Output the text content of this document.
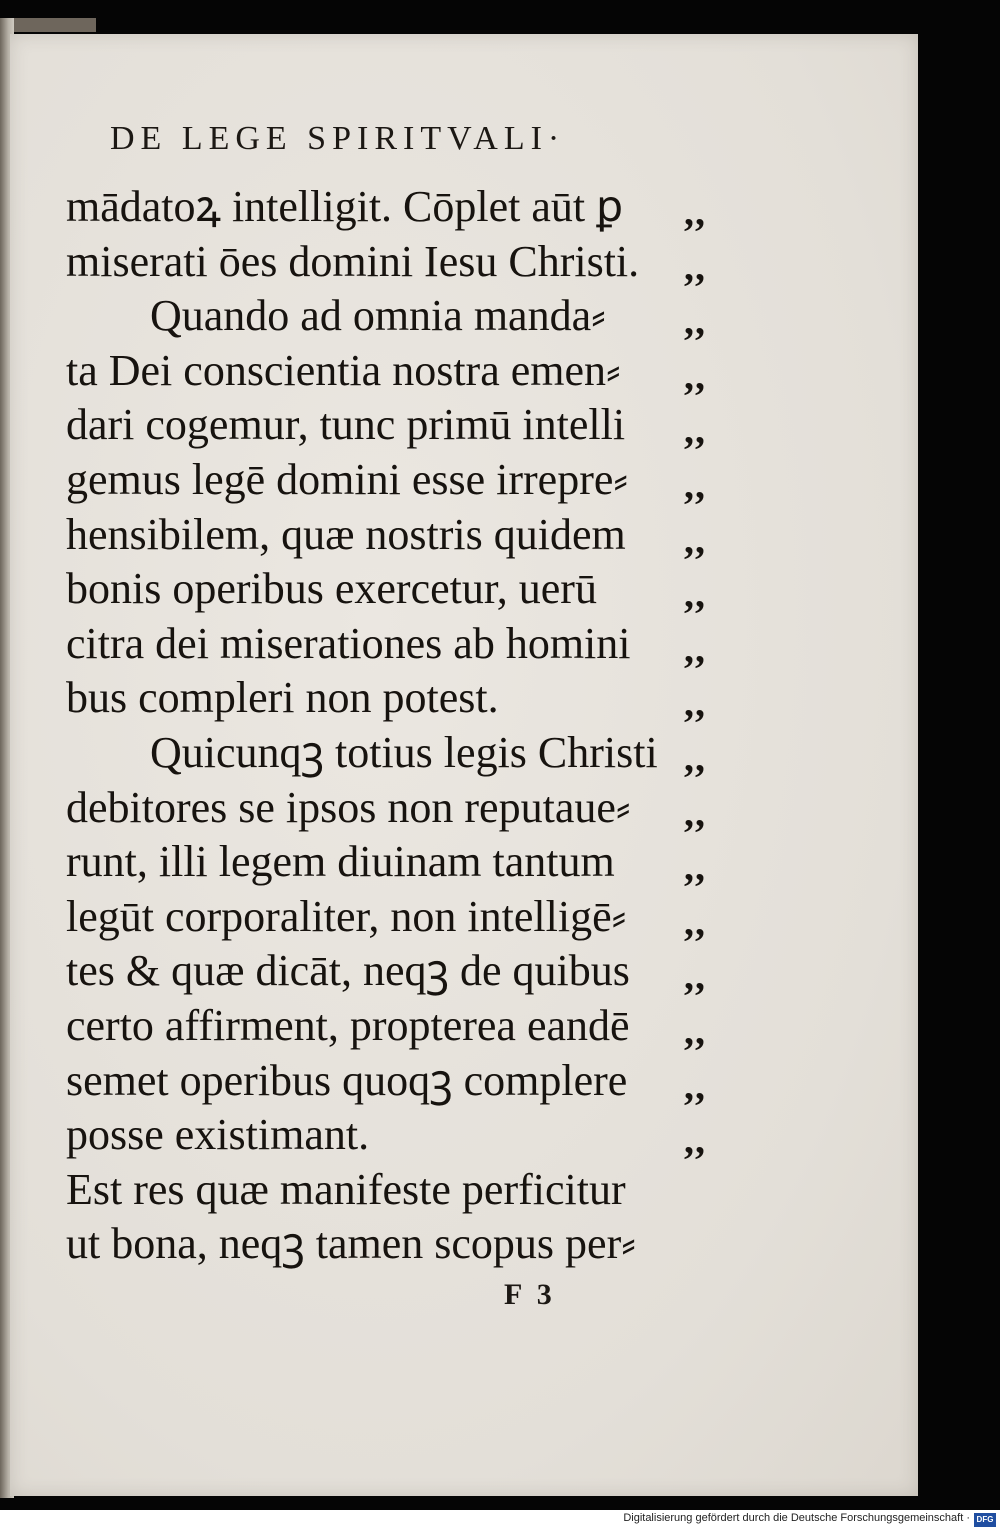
DE LEGE SPIRITVALI·
mādatoꝝ intelligit. Cōplet aūt ꝑ
miserati ōes domini Iesu Christi.
Quando ad omnia manda⸗
ta Dei conscientia nostra emen⸗
dari cogemur, tunc primū intelli
gemus legē domini esse irrepre⸗
hensibilem, quæ nostris quidem
bonis operibus exercetur, uerū
citra dei miserationes ab homini
bus compleri non potest.
Quicunqꝫ totius legis Christi
debitores se ipsos non reputaue⸗
runt, illi legem diuinam tantum
legūt corporaliter, non intelligē⸗
tes & quæ dicāt, neqꝫ de quibus
certo affirment, propterea eandē
semet operibus quoqꝫ complere
posse existimant.
Est res quæ manifeste perficitur
ut bona, neqꝫ tamen scopus per⸗
,,
,,
,,
,,
,,
,,
,,
,,
,,
,,
,,
,,
,,
,,
,,
,,
,,
,,
F 3
Digitalisierung gefördert durch die Deutsche Forschungsgemeinschaft · DFG
